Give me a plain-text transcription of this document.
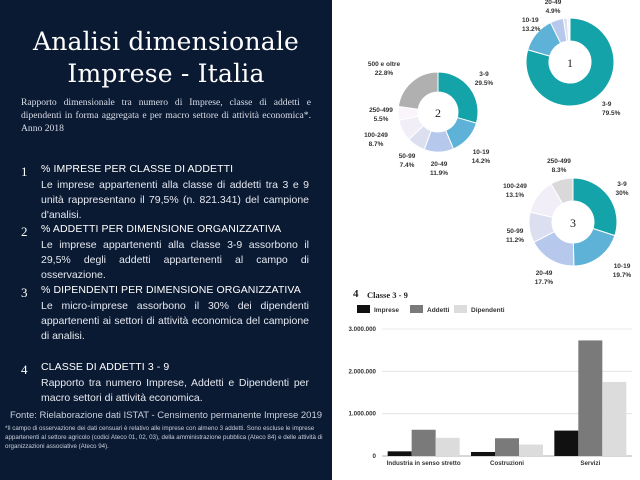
Analisi dimensionale
Imprese - Italia
Rapporto dimensionale tra numero di Imprese, classe di addetti e dipendenti in forma aggregata e per macro settore di attività economica*. Anno 2018
1 % IMPRESE PER CLASSE DI ADDETTI
Le imprese appartenenti alla classe di addetti tra 3 e 9 unità rappresentano il 79,5% (n. 821.341) del campione d'analisi.
2 % ADDETTI PER DIMENSIONE ORGANIZZATIVA
Le imprese appartenenti alla classe 3-9 assorbono il 29,5% degli addetti appartenenti al campo di osservazione.
3 % DIPENDENTI PER DIMENSIONE ORGANIZZATIVA
Le micro-imprese assorbono il 30% dei dipendenti appartenenti ai settori di attività economica del campione di analisi.
4 CLASSE DI ADDETTI 3 - 9
Rapporto tra numero Imprese, Addetti e Dipendenti per macro settori di attività economica.
Fonte: Rielaborazione dati ISTAT - Censimento permanente Imprese 2019
*Il campo di osservazione dei dati censuari è relativo alle imprese con almeno 3 addetti. Sono escluse le imprese appartenenti al settore agricolo (codici Ateco 01, 02, 03), della amministrazione pubblica (Ateco 84) e delle attività di organizzazioni associative (Ateco 94).
1
3-9
79.5%
10-19
13.2%
20-49
4.9%
2
3-9
29.5%
10-19
14.2%
20-49
11.9%
50-99
7.4%
100-249
8.7%
250-499
5.5%
500 e oltre
22.8%
3
3-9
30%
10-19
19.7%
20-49
17.7%
50-99
11.2%
100-249
13.1%
250-499
8.3%
4 Classe 3 - 9
Imprese	Addetti	Dipendenti
0
1.000.000
2.000.000
3.000.000
Industria in senso stretto	Costruzioni	Servizi
